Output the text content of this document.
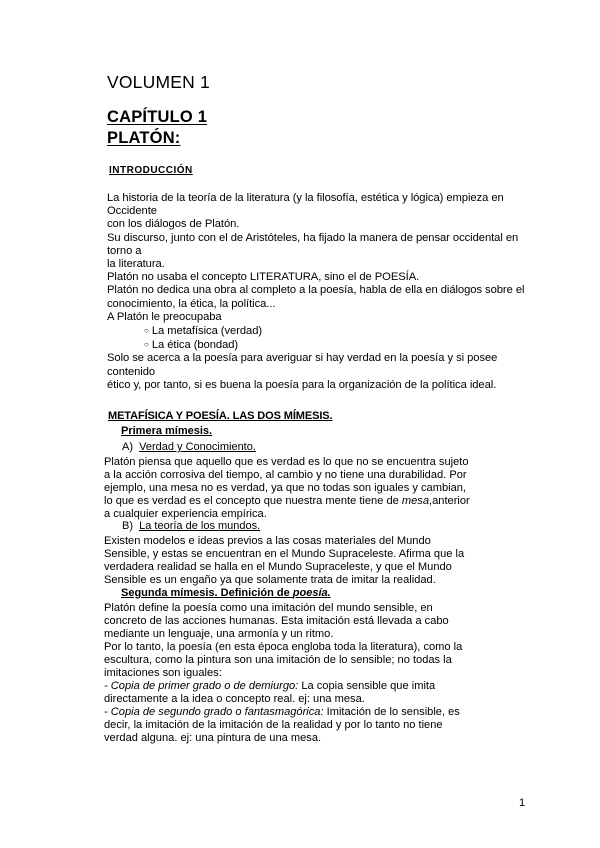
VOLUMEN 1
CAPÍTULO 1
PLATÓN:
INTRODUCCIÓN
La historia de la teoría de la literatura (y la filosofía, estética y lógica) empieza en
Occidente
con los diálogos de Platón.
Su discurso, junto con el de Aristóteles, ha fijado la manera de pensar occidental en
torno a
la literatura.
Platón no usaba el concepto LITERATURA, sino el de POESÍA.
Platón no dedica una obra al completo a la poesía, habla de ella en diálogos sobre el
conocimiento, la ética, la política...
A Platón le preocupaba
○ La metafísica (verdad)
○ La ética (bondad)
Solo se acerca a la poesía para averiguar si hay verdad en la poesía y si posee
contenido
ético y, por tanto, si es buena la poesía para la organización de la política ideal.
METAFÍSICA Y POESÍA. LAS DOS MÍMESIS.
Primera mímesis.
A) Verdad y Conocimiento.
Platón piensa que aquello que es verdad es lo que no se encuentra sujeto
a la acción corrosiva del tiempo, al cambio y no tiene una durabilidad. Por
ejemplo, una mesa no es verdad, ya que no todas son iguales y cambian,
lo que es verdad es el concepto que nuestra mente tiene de mesa,anterior
a cualquier experiencia empírica.
B) La teoría de los mundos.
Existen modelos e ideas previos a las cosas materiales del Mundo
Sensible, y estas se encuentran en el Mundo Supraceleste. Afirma que la
verdadera realidad se halla en el Mundo Supraceleste, y que el Mundo
Sensible es un engaño ya que solamente trata de imitar la realidad.
Segunda mímesis. Definición de poesía.
Platón define la poesía como una imitación del mundo sensible, en
concreto de las acciones humanas. Esta imitación está llevada a cabo
mediante un lenguaje, una armonía y un ritmo.
Por lo tanto, la poesía (en esta época engloba toda la literatura), como la
escultura, como la pintura son una imitación de lo sensible; no todas la
imitaciones son iguales:
- Copia de primer grado o de demiurgo: La copia sensible que imita
directamente a la idea o concepto real. ej: una mesa.
- Copia de segundo grado o fantasmagórica: Imitación de lo sensible, es
decir, la imitación de la imitación de la realidad y por lo tanto no tiene
verdad alguna. ej: una pintura de una mesa.
1
